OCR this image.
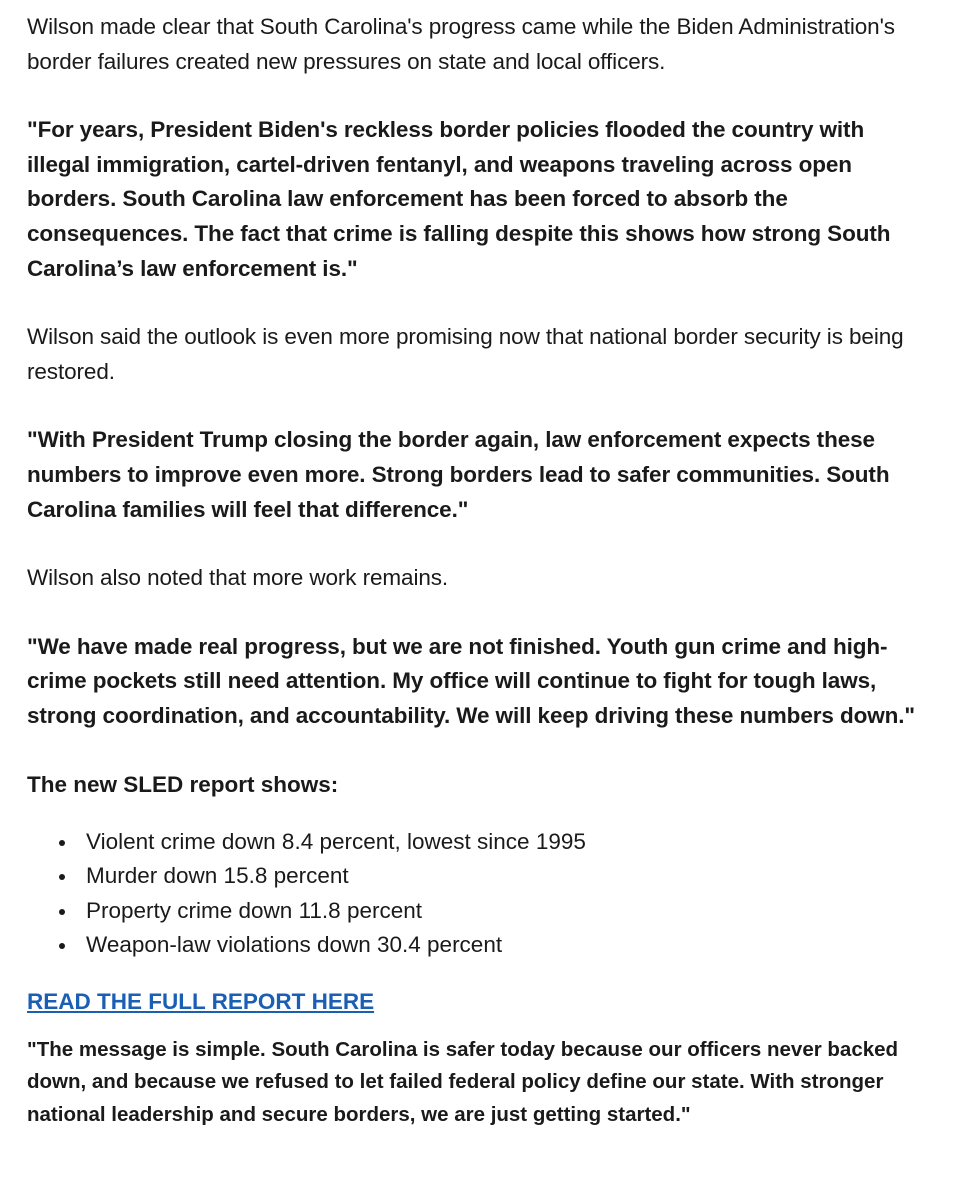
Wilson made clear that South Carolina's progress came while the Biden Administration's border failures created new pressures on state and local officers.

"For years, President Biden's reckless border policies flooded the country with illegal immigration, cartel-driven fentanyl, and weapons traveling across open borders. South Carolina law enforcement has been forced to absorb the consequences. The fact that crime is falling despite this shows how strong South Carolina’s law enforcement is."

Wilson said the outlook is even more promising now that national border security is being restored.

"With President Trump closing the border again, law enforcement expects these numbers to improve even more. Strong borders lead to safer communities. South Carolina families will feel that difference."

Wilson also noted that more work remains.

"We have made real progress, but we are not finished. Youth gun crime and high-crime pockets still need attention. My office will continue to fight for tough laws, strong coordination, and accountability. We will keep driving these numbers down."

The new SLED report shows:

Violent crime down 8.4 percent, lowest since 1995
Murder down 15.8 percent
Property crime down 11.8 percent
Weapon-law violations down 30.4 percent
READ THE FULL REPORT HERE

"The message is simple. South Carolina is safer today because our officers never backed down, and because we refused to let failed federal policy define our state. With stronger national leadership and secure borders, we are just getting started."
